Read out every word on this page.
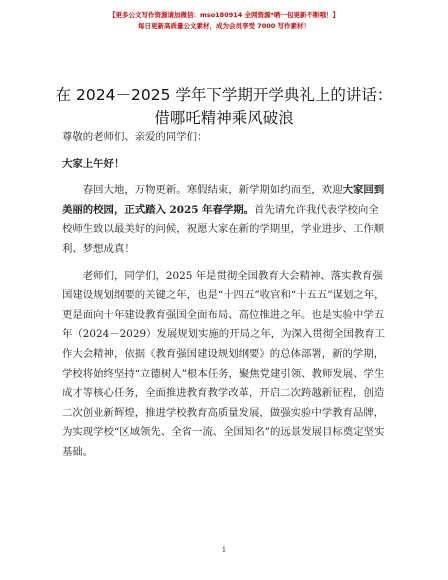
【更多公文写作资源请加微信：mso180914 全网资源*晒一包更新不断哦！】
每日更新高质量公文素材，成为会员享受 7000 写作素材！
在 2024－2025 学年下学期开学典礼上的讲话：
借哪吒精神乘风破浪

尊敬的老师们、亲爱的同学们：

大家上午好！

春回大地，万物更新。寒假结束，新学期如约而至，欢迎大家回到美丽的校园，正式踏入 2025 年春学期。首先请允许我代表学校向全校师生致以最美好的问候，祝愿大家在新的学期里，学业进步、工作顺利、梦想成真！

老师们，同学们，2025 年是贯彻全国教育大会精神、落实教育强国建设规划纲要的关键之年，也是“十四五”收官和“十五五”谋划之年，更是面向十年建设教育强国全面布局、高位推进之年。也是实验中学五年（2024－2029）发展规划实施的开局之年，为深入贯彻全国教育工作大会精神，依据《教育强国建设规划纲要》的总体部署，新的学期，学校将始终坚持“立德树人”根本任务，聚焦党建引领、教师发展、学生成才等核心任务，全面推进教育教学改革，开启二次跨越新征程，创造二次创业新辉煌，推进学校教育高质量发展，做强实验中学教育品牌，为实现学校“区域领先、全省一流、全国知名”的远景发展目标奠定坚实基础。

1
